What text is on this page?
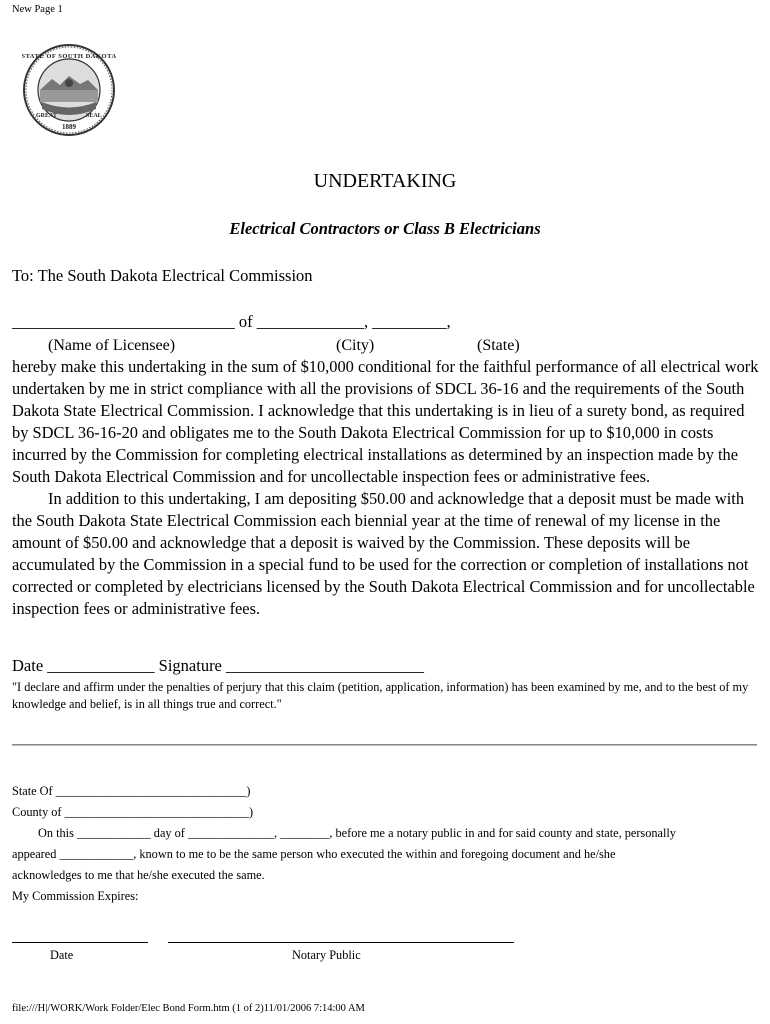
New Page 1
STATE OF SOUTH DAKOTA
1889
GREAT	SEAL
UNDERTAKING
Electrical Contractors or Class B Electricians
To: The South Dakota Electrical Commission
___________________________ of _____________, _________,
(Name of Licensee)	(City)	(State)

hereby make this undertaking in the sum of $10,000 conditional for the faithful performance of all electrical work undertaken by me in strict compliance with all the provisions of SDCL 36-16 and the requirements of the South Dakota State Electrical Commission. I acknowledge that this undertaking is in lieu of a surety bond, as required by SDCL 36-16-20 and obligates me to the South Dakota Electrical Commission for up to $10,000 in costs incurred by the Commission for completing electrical installations as determined by an inspection made by the South Dakota Electrical Commission and for uncollectable inspection fees or administrative fees.

In addition to this undertaking, I am depositing $50.00 and acknowledge that a deposit must be made with the South Dakota State Electrical Commission each biennial year at the time of renewal of my license in the amount of $50.00 and acknowledge that a deposit is waived by the Commission. These deposits will be accumulated by the Commission in a special fund to be used for the correction or completion of installations not corrected or completed by electricians licensed by the South Dakota Electrical Commission and for uncollectable inspection fees or administrative fees.

Date _____________ Signature ________________________
"I declare and affirm under the penalties of perjury that this claim (petition, application, information) has been examined by me, and to the best of my knowledge and belief, is in all things true and correct."
State Of _______________________________)
County of ______________________________)
On this ____________ day of ______________, ________, before me a notary public in and for said county and state, personally
appeared ____________, known to me to be the same person who executed the within and foregoing document and he/she
acknowledges to me that he/she executed the same.
My Commission Expires:
Date	Notary Public
file:///H|/WORK/Work Folder/Elec Bond Form.htm (1 of 2)11/01/2006 7:14:00 AM
